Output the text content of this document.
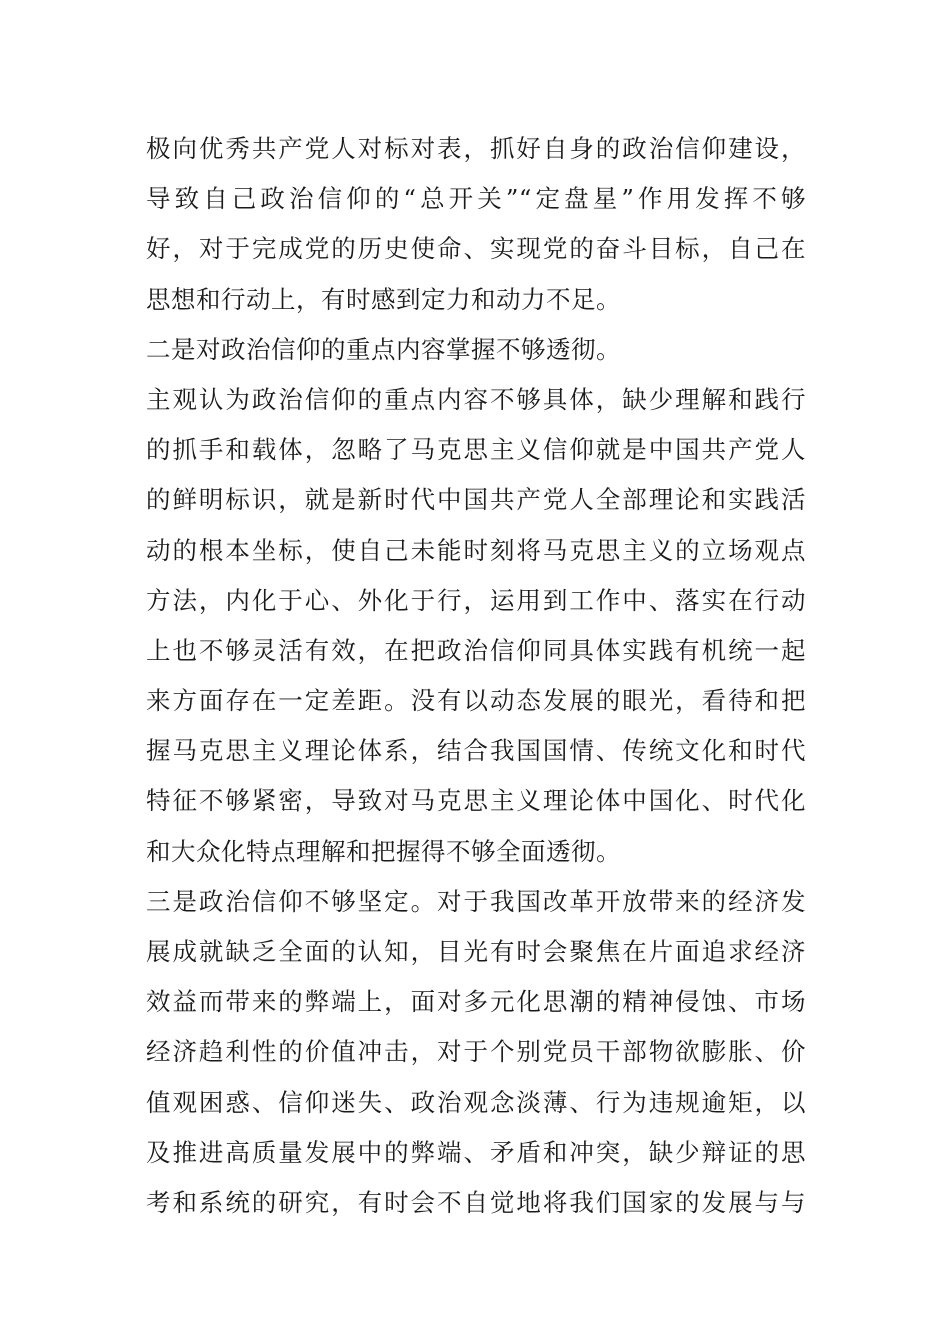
极向优秀共产党人对标对表，抓好自身的政治信仰建设，
导致自己政治信仰的“总开关”“定盘星”作用发挥不够
好，对于完成党的历史使命、实现党的奋斗目标，自己在
思想和行动上，有时感到定力和动力不足。
二是对政治信仰的重点内容掌握不够透彻。
主观认为政治信仰的重点内容不够具体，缺少理解和践行
的抓手和载体，忽略了马克思主义信仰就是中国共产党人
的鲜明标识，就是新时代中国共产党人全部理论和实践活
动的根本坐标，使自己未能时刻将马克思主义的立场观点
方法，内化于心、外化于行，运用到工作中、落实在行动
上也不够灵活有效，在把政治信仰同具体实践有机统一起
来方面存在一定差距。没有以动态发展的眼光，看待和把
握马克思主义理论体系，结合我国国情、传统文化和时代
特征不够紧密，导致对马克思主义理论体中国化、时代化
和大众化特点理解和把握得不够全面透彻。
三是政治信仰不够坚定。对于我国改革开放带来的经济发
展成就缺乏全面的认知，目光有时会聚焦在片面追求经济
效益而带来的弊端上，面对多元化思潮的精神侵蚀、市场
经济趋利性的价值冲击，对于个别党员干部物欲膨胀、价
值观困惑、信仰迷失、政治观念淡薄、行为违规逾矩，以
及推进高质量发展中的弊端、矛盾和冲突，缺少辩证的思
考和系统的研究，有时会不自觉地将我们国家的发展与与
